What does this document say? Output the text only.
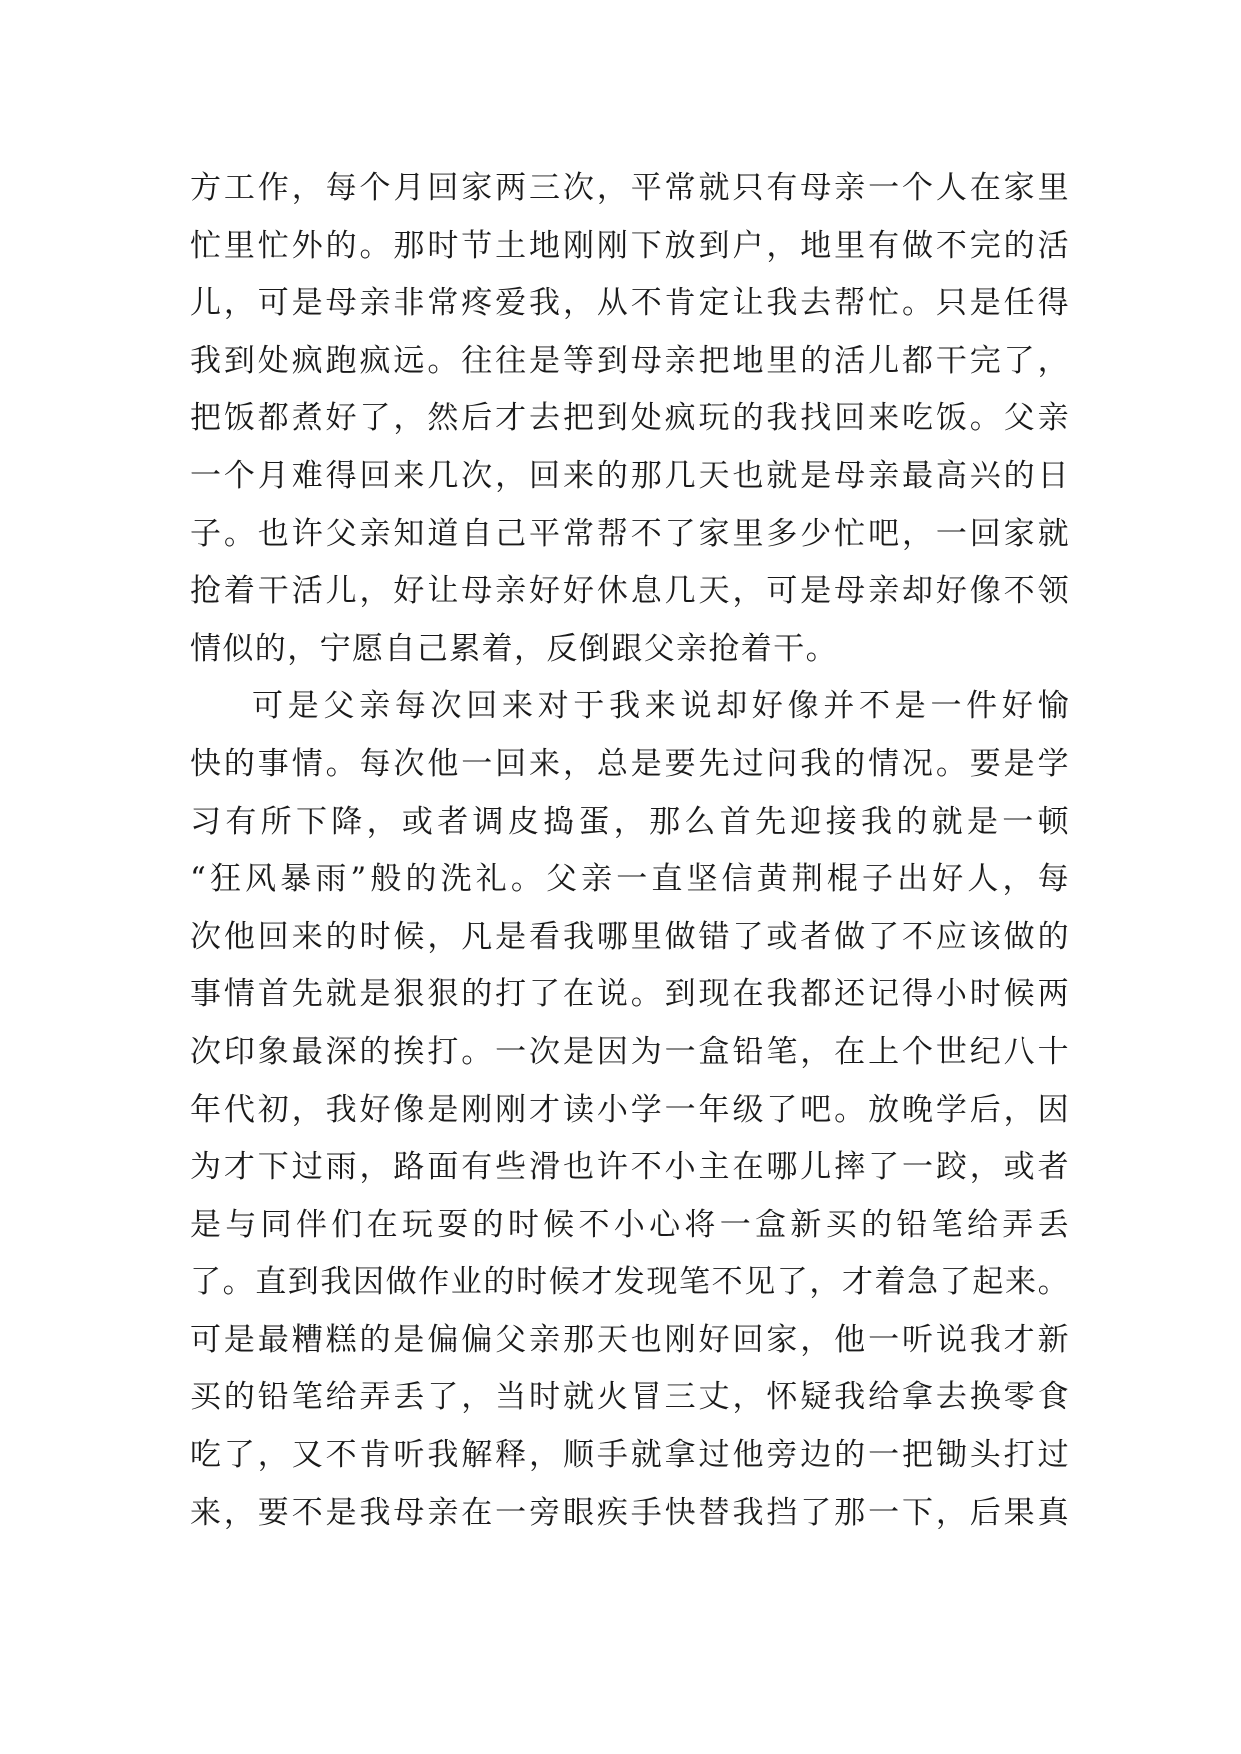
方工作，每个月回家两三次，平常就只有母亲一个人在家里
忙里忙外的。那时节土地刚刚下放到户，地里有做不完的活
儿，可是母亲非常疼爱我，从不肯定让我去帮忙。只是任得
我到处疯跑疯远。往往是等到母亲把地里的活儿都干完了，
把饭都煮好了，然后才去把到处疯玩的我找回来吃饭。父亲
一个月难得回来几次，回来的那几天也就是母亲最高兴的日
子。也许父亲知道自己平常帮不了家里多少忙吧，一回家就
抢着干活儿，好让母亲好好休息几天，可是母亲却好像不领
情似的，宁愿自己累着，反倒跟父亲抢着干。
可是父亲每次回来对于我来说却好像并不是一件好愉
快的事情。每次他一回来，总是要先过问我的情况。要是学
习有所下降，或者调皮捣蛋，那么首先迎接我的就是一顿
“狂风暴雨”般的洗礼。父亲一直坚信黄荆棍子出好人，每
次他回来的时候，凡是看我哪里做错了或者做了不应该做的
事情首先就是狠狠的打了在说。到现在我都还记得小时候两
次印象最深的挨打。一次是因为一盒铅笔，在上个世纪八十
年代初，我好像是刚刚才读小学一年级了吧。放晚学后，因
为才下过雨，路面有些滑也许不小主在哪儿摔了一跤，或者
是与同伴们在玩耍的时候不小心将一盒新买的铅笔给弄丢
了。直到我因做作业的时候才发现笔不见了，才着急了起来。
可是最糟糕的是偏偏父亲那天也刚好回家，他一听说我才新
买的铅笔给弄丢了，当时就火冒三丈，怀疑我给拿去换零食
吃了，又不肯听我解释，顺手就拿过他旁边的一把锄头打过
来，要不是我母亲在一旁眼疾手快替我挡了那一下，后果真
